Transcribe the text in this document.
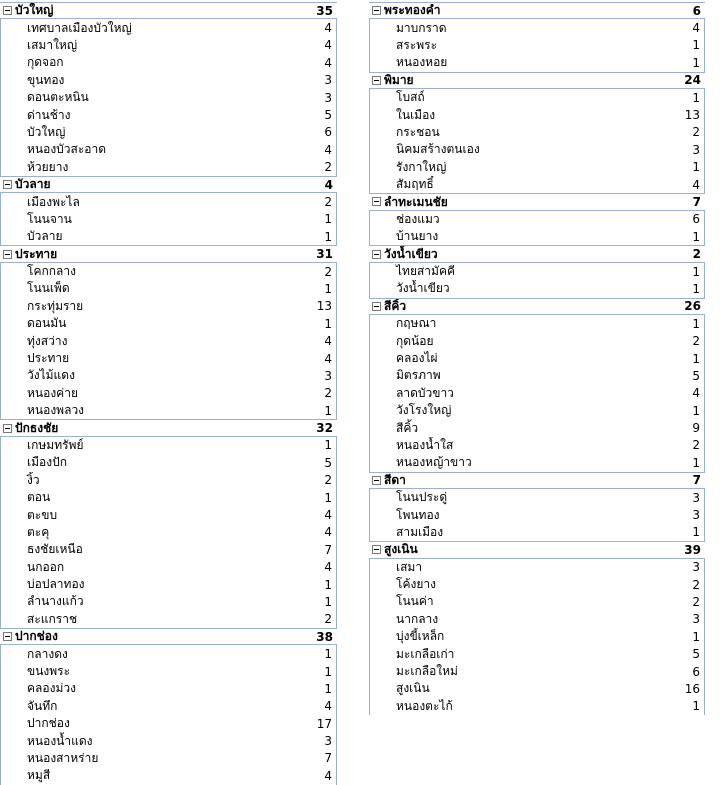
บัวใหญ่	35
เทศบาลเมืองบัวใหญ่	4
เสมาใหญ่	4
กุดจอก	4
ขุนทอง	3
ดอนตะหนิน	3
ด่านช้าง	5
บัวใหญ่	6
หนองบัวสะอาด	4
ห้วยยาง	2
บัวลาย	4
เมืองพะไล	2
โนนจาน	1
บัวลาย	1
ประทาย	31
โคกกลาง	2
โนนเพ็ด	1
กระทุ่มราย	13
ดอนมัน	1
ทุ่งสว่าง	4
ประทาย	4
วังไม้แดง	3
หนองค่าย	2
หนองพลวง	1
ปักธงชัย	32
เกษมทรัพย์	1
เมืองปัก	5
งิ้ว	2
ตอน	1
ตะขบ	4
ตะคุ	4
ธงชัยเหนือ	7
นกออก	4
บ่อปลาทอง	1
ลำนางแก้ว	1
สะแกราช	2
ปากช่อง	38
กลางดง	1
ขนงพระ	1
คลองม่วง	1
จันทึก	4
ปากช่อง	17
หนองน้ำแดง	3
หนองสาหร่าย	7
หมูสี	4
พระทองคำ	6
มาบกราด	4
สระพระ	1
หนองหอย	1
พิมาย	24
โบสถ์	1
ในเมือง	13
กระชอน	2
นิคมสร้างตนเอง	3
รังกาใหญ่	1
สัมฤทธิ์	4
ลำทะเมนชัย	7
ช่องแมว	6
บ้านยาง	1
วังน้ำเขียว	2
ไทยสามัคคี	1
วังน้ำเขียว	1
สีคิ้ว	26
กฤษณา	1
กุดน้อย	2
คลองไผ่	1
มิตรภาพ	5
ลาดบัวขาว	4
วังโรงใหญ่	1
สีคิ้ว	9
หนองน้ำใส	2
หนองหญ้าขาว	1
สีดา	7
โนนประดู่	3
โพนทอง	3
สามเมือง	1
สูงเนิน	39
เสมา	3
โค้งยาง	2
โนนค่า	2
นากลาง	3
บุ่งขี้เหล็ก	1
มะเกลือเก่า	5
มะเกลือใหม่	6
สูงเนิน	16
หนองตะไก้	1
